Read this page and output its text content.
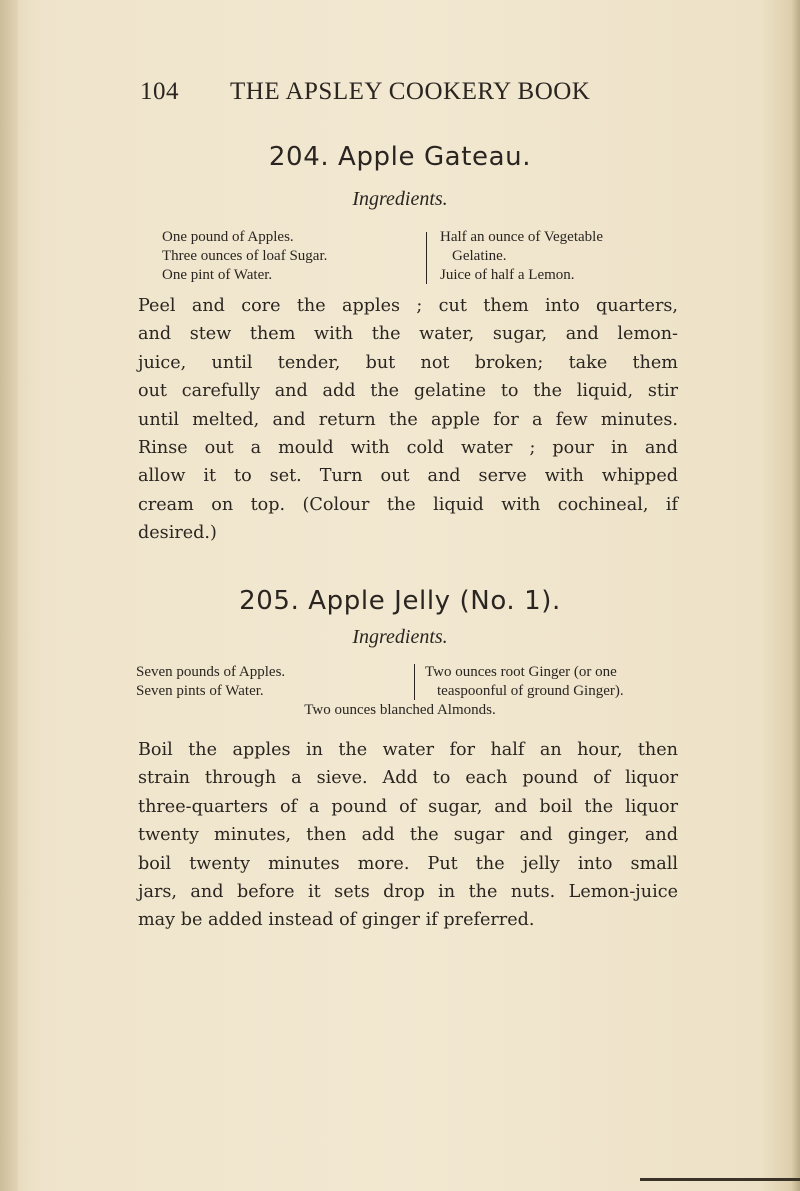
104 THE APSLEY COOKERY BOOK
204. Apple Gateau.
Ingredients.
One pound of Apples.
Three ounces of loaf Sugar.
One pint of Water.
Half an ounce of Vegetable
Gelatine.
Juice of half a Lemon.
Peel and core the apples ; cut them into quarters,
and stew them with the water, sugar, and lemon-
juice, until tender, but not broken; take them
out carefully and add the gelatine to the liquid, stir
until melted, and return the apple for a few minutes.
Rinse out a mould with cold water ; pour in and
allow it to set. Turn out and serve with whipped
cream on top. (Colour the liquid with cochineal, if
desired.)
205. Apple Jelly (No. 1).
Ingredients.
Seven pounds of Apples.
Seven pints of Water.
Two ounces root Ginger (or one
teaspoonful of ground Ginger).
Two ounces blanched Almonds.
Boil the apples in the water for half an hour, then
strain through a sieve. Add to each pound of liquor
three-quarters of a pound of sugar, and boil the liquor
twenty minutes, then add the sugar and ginger, and
boil twenty minutes more. Put the jelly into small
jars, and before it sets drop in the nuts. Lemon-juice
may be added instead of ginger if preferred.
